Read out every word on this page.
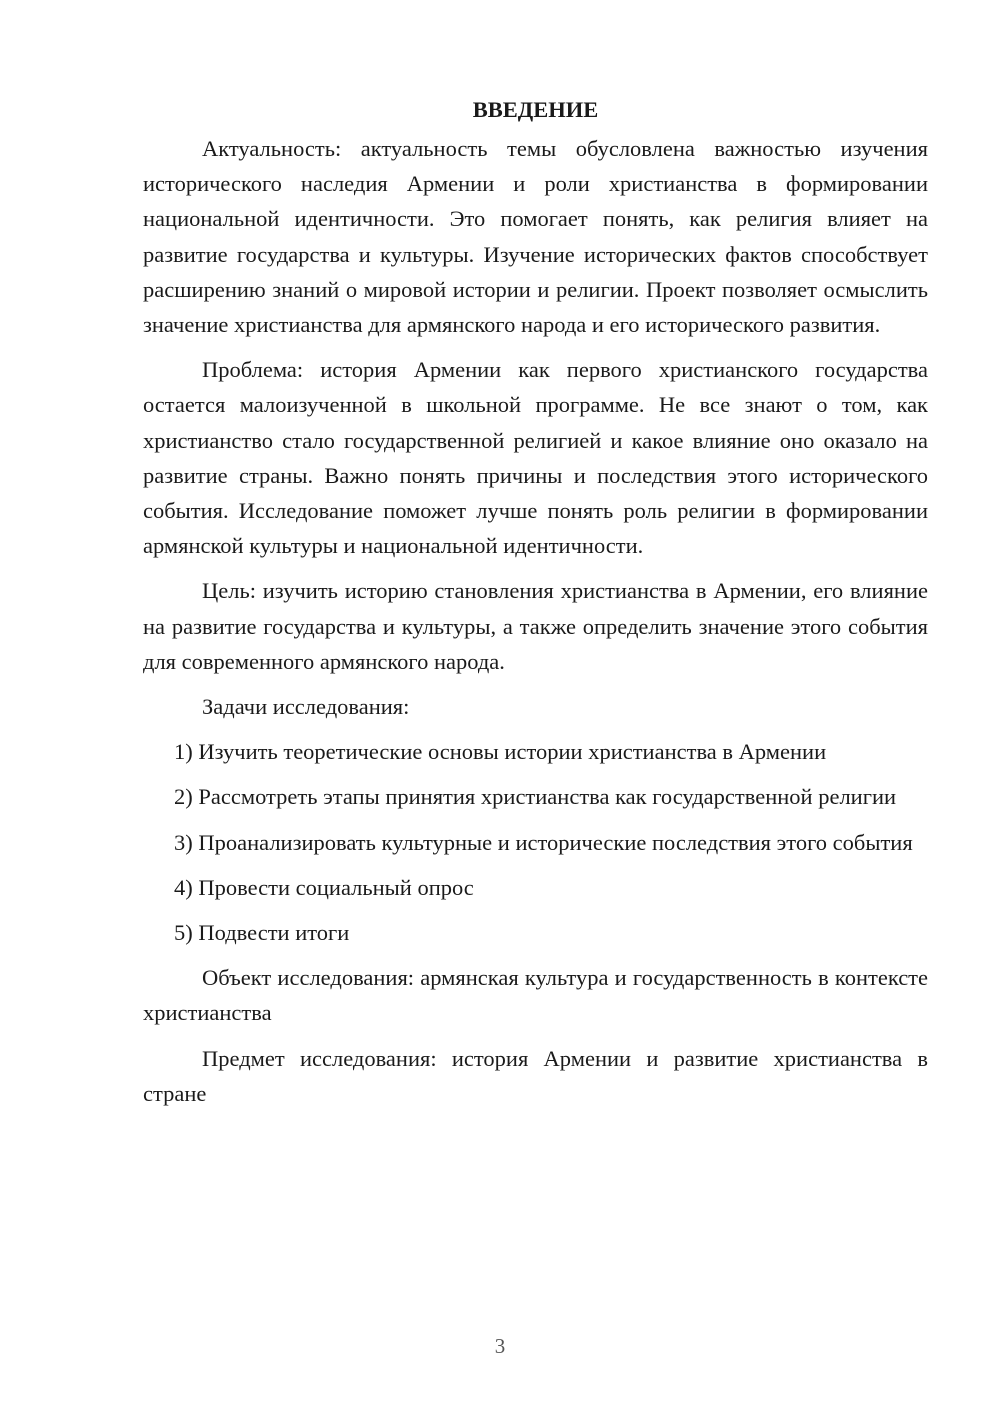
ВВЕДЕНИЕ

Актуальность: актуальность темы обусловлена важностью изучения исторического наследия Армении и роли христианства в формировании национальной идентичности. Это помогает понять, как религия влияет на развитие государства и культуры. Изучение исторических фактов способствует расширению знаний о мировой истории и религии. Проект позволяет осмыслить значение христианства для армянского народа и его исторического развития.

Проблема: история Армении как первого христианского государства остается малоизученной в школьной программе. Не все знают о том, как христианство стало государственной религией и какое влияние оно оказало на развитие страны. Важно понять причины и последствия этого исторического события. Исследование поможет лучше понять роль религии в формировании армянской культуры и национальной идентичности.

Цель: изучить историю становления христианства в Армении, его влияние на развитие государства и культуры, а также определить значение этого события для современного армянского народа.

Задачи исследования:

1) Изучить теоретические основы истории христианства в Армении

2) Рассмотреть этапы принятия христианства как государственной религии

3) Проанализировать культурные и исторические последствия этого события

4) Провести социальный опрос

5) Подвести итоги

Объект исследования: армянская культура и государственность в контексте христианства

Предмет исследования: история Армении и развитие христианства в стране

3
